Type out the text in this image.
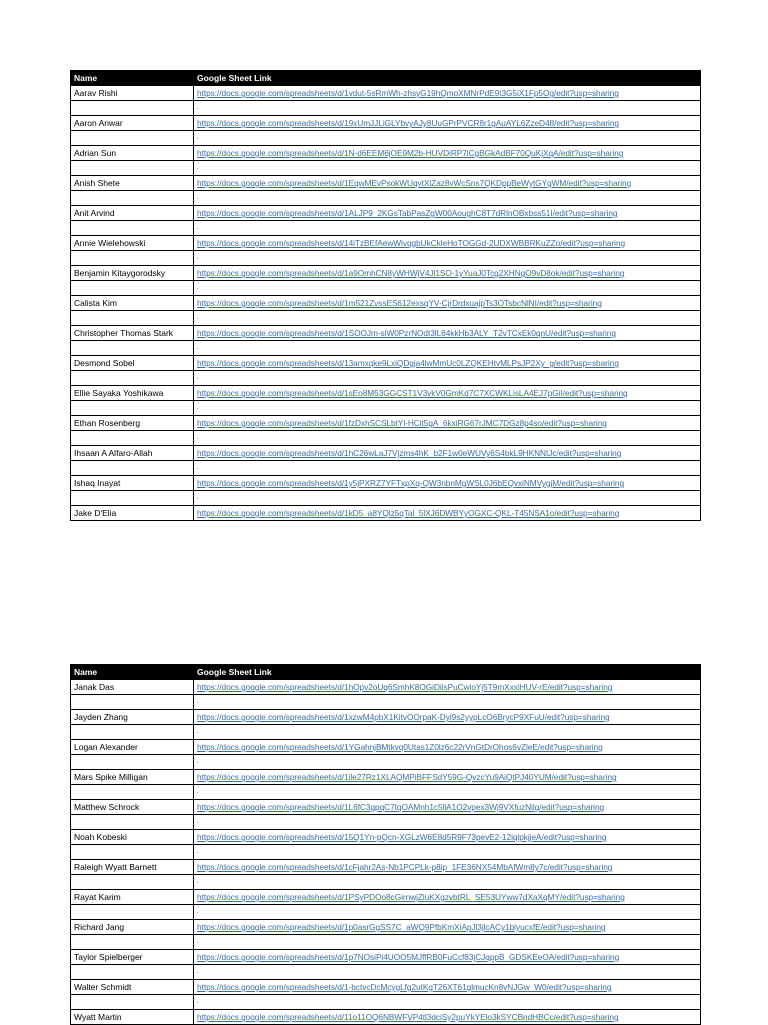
Name	Google Sheet Link
Aarav Rishi	https://docs.google.com/spreadsheets/d/1vdut-5sRmWh-zhsyG19hQmoXMNrPdE9t3G5iX1Fp5Og/edit?usp=sharing
	.
Aaron Anwar	https://docs.google.com/spreadsheets/d/19xUmJJLiGLYbvyAJy8UuGPrPVCR8r1gAuAYL6ZzeD48/edit?usp=sharing
	.
Adrian Sun	https://docs.google.com/spreadsheets/d/1N-d6EEM6jOE9M2b-HUVDiRP7lCgBGkAdBF70QuKjXqA/edit?usp=sharing
	.
Anish Shete	https://docs.google.com/spreadsheets/d/1EqwMEvPsokWUqvtXlZaz8vWcSns7QKDppBeWytGYgWM/edit?usp=sharing
	.
Anit Arvind	https://docs.google.com/spreadsheets/d/1ALJP9_2KGsTabPasZgW00AoughC8T7dRlnOBxbss51I/edit?usp=sharing
	.
Annie Wielehowski	https://docs.google.com/spreadsheets/d/14iTzBEfAewWivqgbUkCkleHoTOGGd-2UDXWBBRKuZZo/edit?usp=sharing
	.
Benjamin Kitaygorodsky	https://docs.google.com/spreadsheets/d/1a9OmhCN8yWHWjV4Jl1SO-1yYuaJ0Tcg2XHNgO9vD8ok/edit?usp=sharing
	.
Calista Kim	https://docs.google.com/spreadsheets/d/1m521ZvssES612exsqYV-CjrDrdxuajpTs3OTsbcNlNI/edit?usp=sharing
	.
Christopher Thomas Stark	https://docs.google.com/spreadsheets/d/1SOOJm-siW0PzrNOdt3lL64kkHb3ALY_T2vTCxEk0qnU/edit?usp=sharing
	.
Desmond Sobel	https://docs.google.com/spreadsheets/d/13amxqke9LxiQDgja4lwMmUc0LZQKEHtvMLPsJP2Xy_g/edit?usp=sharing
	.
Ellie Sayaka Yoshikawa	https://docs.google.com/spreadsheets/d/1sEo8M53GGCST1V3vkV0GmKd7C7XCWKLisLA4EJ7pGiI/edit?usp=sharing
	.
Ethan Rosenberg	https://docs.google.com/spreadsheets/d/1fzDxhSCSLbtYl-HCit5gA_6kxiRG67rJMC7DGz8p4so/edit?usp=sharing
	.
Ihsaan A Alfaro-Allah	https://docs.google.com/spreadsheets/d/1hC26wLaJ7Vjzms4hK_b2F1w0eWUVy6S4bkL9HKNNtJc/edit?usp=sharing
	.
Ishaq Inayat	https://docs.google.com/spreadsheets/d/1y5jPXRZ7YFTxpXq-QW3nbnMgWSL0J6bEQvxiNMVygjM/edit?usp=sharing
	.
Jake D'Elia	https://docs.google.com/spreadsheets/d/1kD5_a8YQlz5qTal_5lXJ6DWBYyOGXC-QKL-T45NSA1o/edit?usp=sharing
Name	Google Sheet Link
Janak Das	https://docs.google.com/spreadsheets/d/1hOpv2oUq6SmhK8OGiDilsPuCwioYj5T9mXxxiHUV-rE/edit?usp=sharing
	.
Jayden Zhang	https://docs.google.com/spreadsheets/d/1xzwM4pbX1KitvOOrpaK-Dyl9s2yypLcO6BrycP9XFuU/edit?usp=sharing
	.
Logan Alexander	https://docs.google.com/spreadsheets/d/1YGahnjBMtkvq0Utas1Z0lz6c22rVnGtDrOhos6vZleE/edit?usp=sharing
	.
Mars Spike Milligan	https://docs.google.com/spreadsheets/d/1ile27Rz1XLAQMPiBFFSdY59G-QvzcYu9AiQtPJ40YUM/edit?usp=sharing
	.
Matthew Schrock	https://docs.google.com/spreadsheets/d/1L6fC3gpqC7tqOAMnh1c5llA1O2vpex3Wj9VXfuzNilg/edit?usp=sharing
	.
Noah Kobeski	https://docs.google.com/spreadsheets/d/15Q1Yn-pQcn-XGLzW6E8d5R9F73pevE2-12iqlpkjjeA/edit?usp=sharing
	.
Raleigh Wyatt Barnett	https://docs.google.com/spreadsheets/d/1cFjahr2As-Nb1PCPLk-p8ip_1FE36NX54MbAfWm8y7c/edit?usp=sharing
	.
Rayat Karim	https://docs.google.com/spreadsheets/d/1PSyPDOo8cGirnwjZluKXgzvbtRL_SE53UYww7dXaXqMY/edit?usp=sharing
	.
Richard Jang	https://docs.google.com/spreadsheets/d/1p0asrGgSS7C_aWQ9PfbKmXiApJl3jlcACy1blyucxfE/edit?usp=sharing
	.
Taylor Spielberger	https://docs.google.com/spreadsheets/d/1p7NOsiPi4UOO5MJffRB0FuCcf83jCJqppB_GDSKEeOA/edit?usp=sharing
	.
Walter Schmidt	https://docs.google.com/spreadsheets/d/1-bctvcDcMcygLfg2utKgT26XT61glmucKn8vNJGw_W0/edit?usp=sharing
	.
Wyatt Martin	https://docs.google.com/spreadsheets/d/11o11OQ6NBWFVP4tl3dciSy2puYkYElo3kSYCBndHBCc/edit?usp=sharing
